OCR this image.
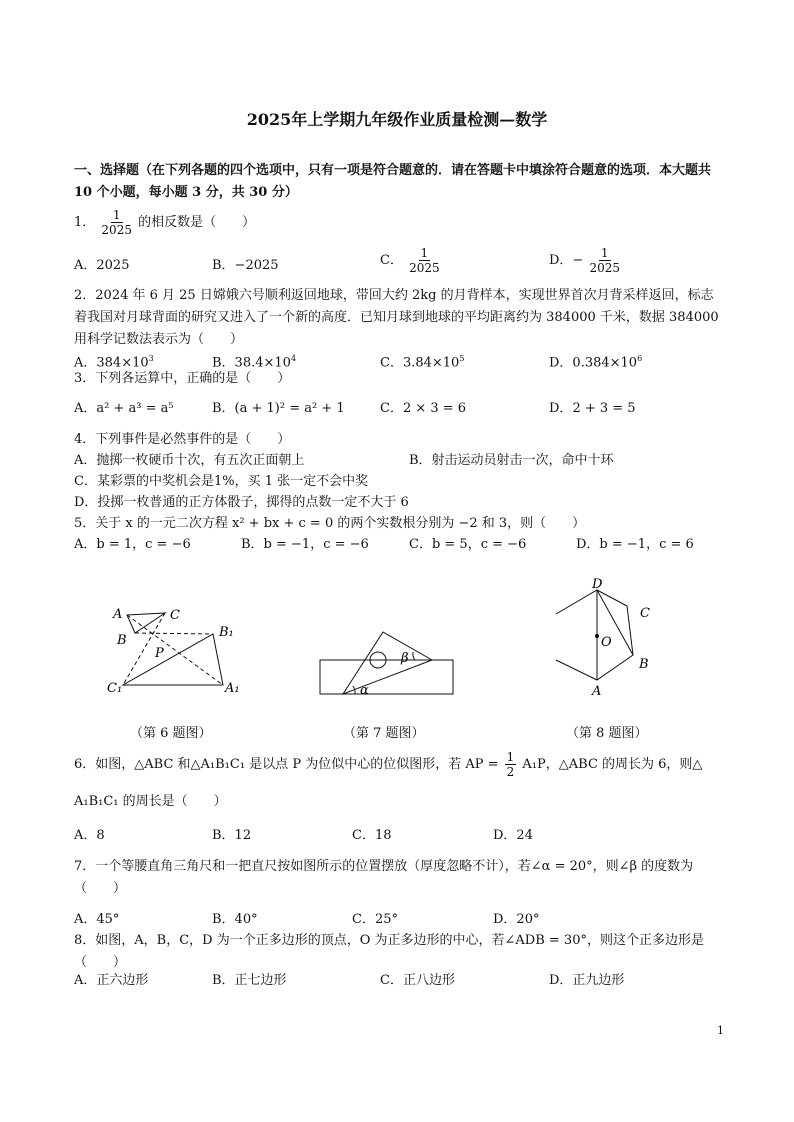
2025年上学期九年级作业质量检测—数学
一、选择题（在下列各题的四个选项中，只有一项是符合题意的．请在答题卡中填涂符合题意的选项．本大题共 10 个小题，每小题 3 分，共 30 分）
1． $\frac{1}{2025}$ 的相反数是（　　）
A．2025	B．−2025	C． $\frac{1}{2025}$	D．− $\frac{1}{2025}$
2．2024 年 6 月 25 日嫦娥六号顺利返回地球，带回大约 2kg 的月背样本，实现世界首次月背采样返回，标志着我国对月球背面的研究又进入了一个新的高度．已知月球到地球的平均距离约为 384000 千米，数据 384000 用科学记数法表示为（　　）
A．$384\times 10^3$	B．$38.4\times 10^4$	C．$3.84\times 10^5$	D．$0.384\times 10^6$
3．下列各运算中，正确的是（　　）
A．a² + a³ = a⁵	B．(a + 1)² = a² + 1	C．2 × 3 = 6	D．2 + 3 = 5
4．下列事件是必然事件的是（　　）
A．抛掷一枚硬币十次，有五次正面朝上	B．射击运动员射击一次，命中十环
C．某彩票的中奖机会是1%，买 1 张一定不会中奖
D．投掷一枚普通的正方体骰子，掷得的点数一定不大于 6
5．关于 x 的一元二次方程 x² + bx + c = 0 的两个实数根分别为 −2 和 3，则（　　）
A．b = 1，c = −6	B．b = −1，c = −6	C．b = 5，c = −6	D．b = −1，c = 6
A	C
B
B₁
P
C₁	A₁
（第 6 题图）
β
α
（第 7 题图）
D
C
O
B
A
（第 8 题图）
6．如图，△ABC 和△A₁B₁C₁ 是以点 P 为位似中心的位似图形，若 AP = $\frac{1}{2} A_1P$，△ABC 的周长为 6，则△
A₁B₁C₁ 的周长是（　　）
A．8	B．12	C．18	D．24
7．一个等腰直角三角尺和一把直尺按如图所示的位置摆放（厚度忽略不计），若∠α = 20°，则∠β 的度数为（　　）
A．45°	B．40°	C．25°	D．20°
8．如图，A，B，C，D 为一个正多边形的顶点，O 为正多边形的中心，若∠ADB = 30°，则这个正多边形是（　　）
A．正六边形	B．正七边形	C．正八边形	D．正九边形
1
